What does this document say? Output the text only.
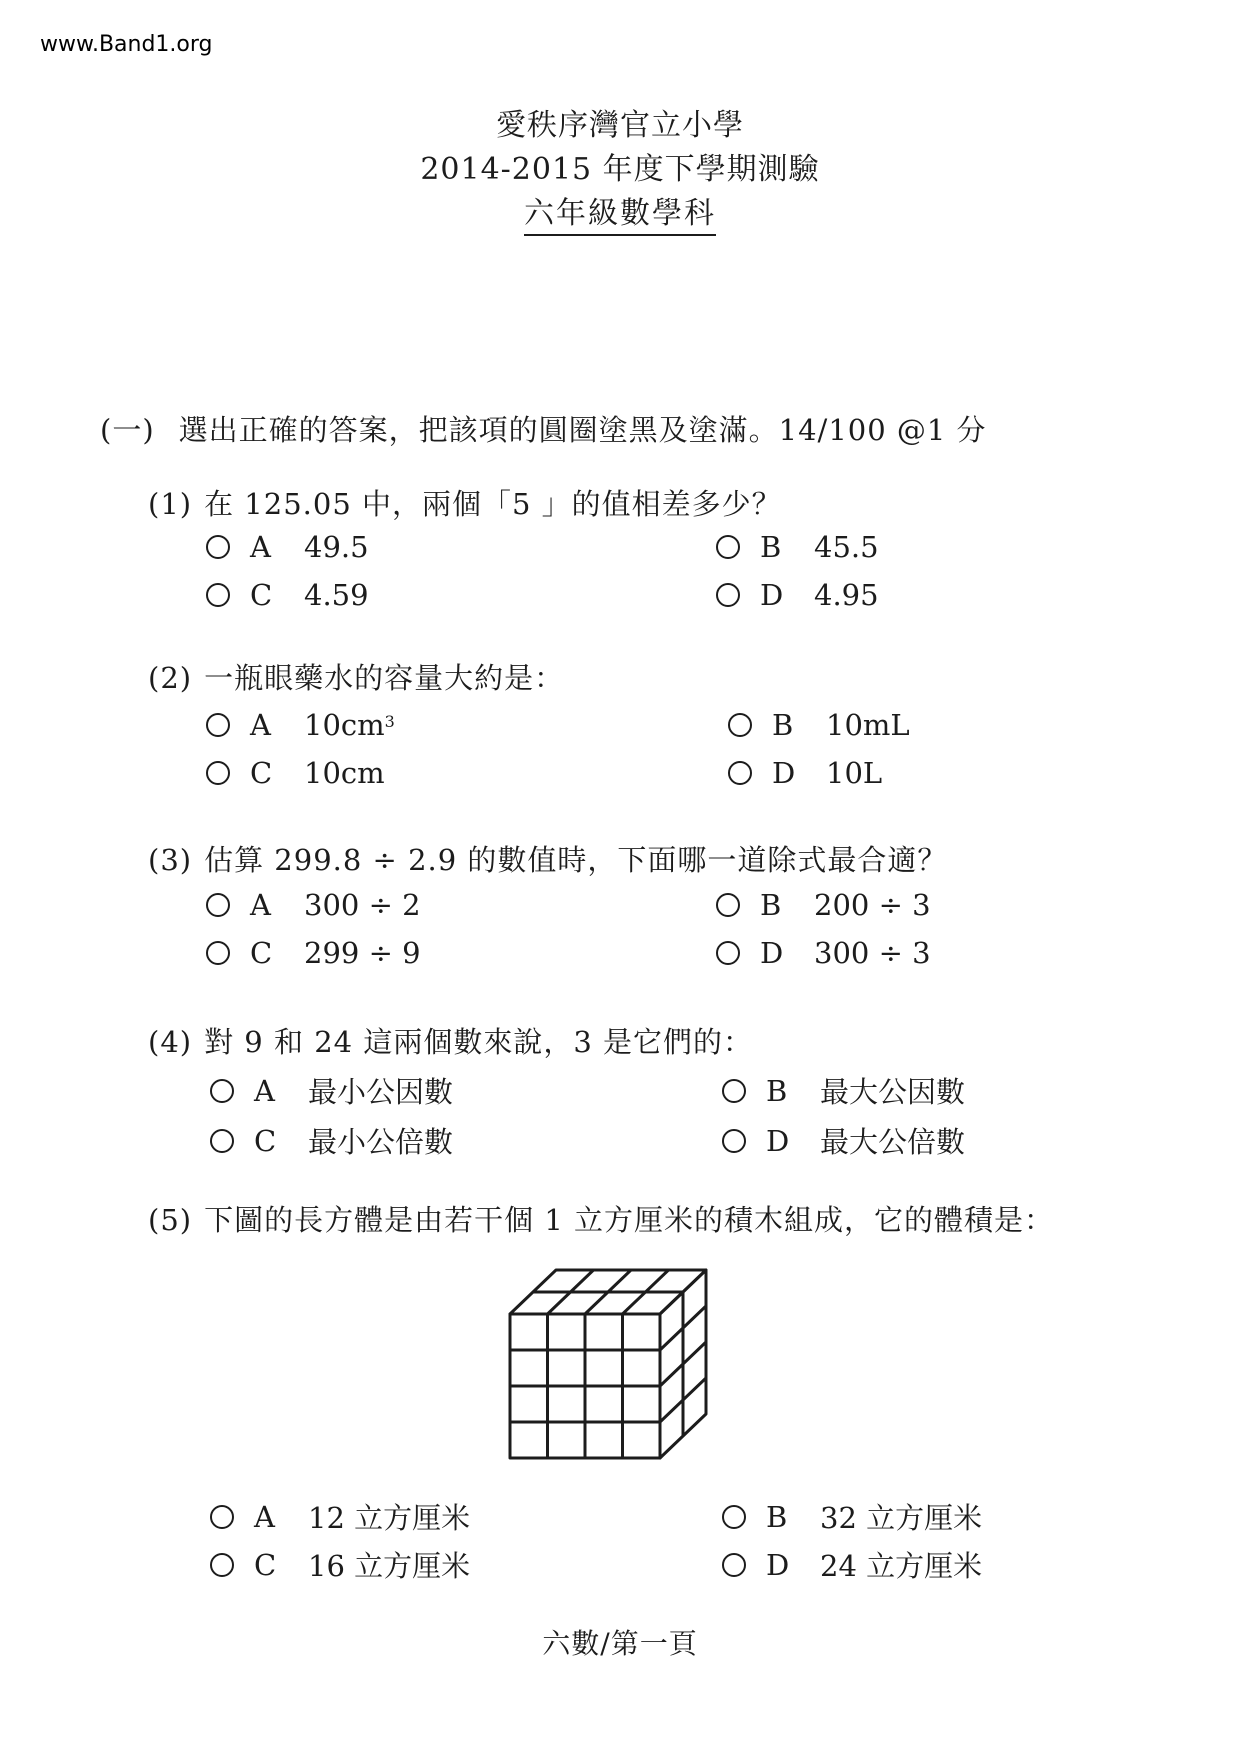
www.Band1.org
愛秩序灣官立小學
2014-2015 年度下學期測驗
六年級數學科
(一) 選出正確的答案，把該項的圓圈塗黑及塗滿。14/100 @1 分
(1) 在 125.05 中，兩個「5 」的值相差多少？
A	49.5	B	45.5
C	4.59	D	4.95
(2) 一瓶眼藥水的容量大約是：
A	10cm 3	B	10mL
C	10cm	D	10L
(3) 估算 299.8 ÷ 2.9 的數值時，下面哪一道除式最合適？
A	300 ÷ 2	B	200 ÷ 3
C	299 ÷ 9	D	300 ÷ 3
(4) 對 9 和 24 這兩個數來說，3 是它們的：
A	最小公因數	B	最大公因數
C	最小公倍數	D	最大公倍數
(5) 下圖的長方體是由若干個 1 立方厘米的積木組成，它的體積是：
A	12 立方厘米	B	32 立方厘米
C	16 立方厘米	D	24 立方厘米
六數/第一頁
